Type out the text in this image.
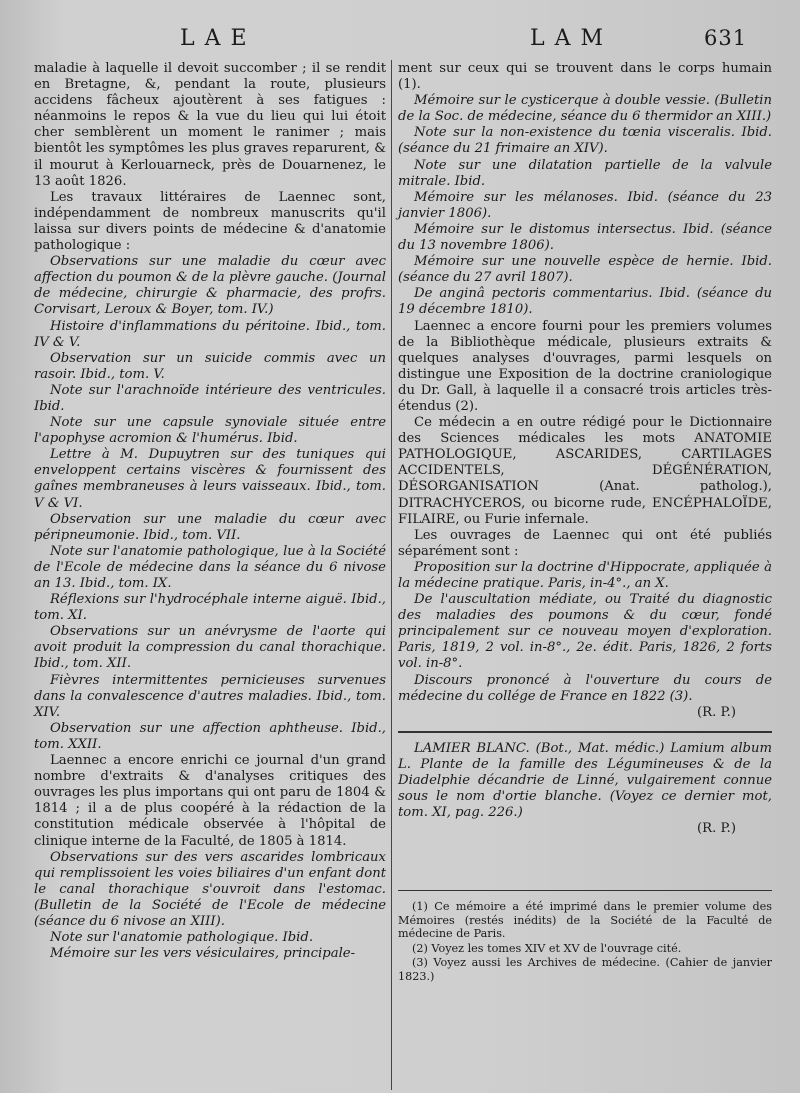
LAE	LAM	631

maladie à laquelle il devoit succomber ; il se rendit en Bretagne, &, pendant la route, plusieurs accidens fâcheux ajoutèrent à ses fatigues : néanmoins le repos & la vue du lieu qui lui étoit cher semblèrent un moment le ranimer ; mais bientôt les symptômes les plus graves reparurent, & il mourut à Kerlouarneck, près de Douarnenez, le 13 août 1826.

Les travaux littéraires de Laennec sont, indépendamment de nombreux manuscrits qu'il laissa sur divers points de médecine & d'anatomie pathologique :

Observations sur une maladie du cœur avec affection du poumon & de la plèvre gauche. (Journal de médecine, chirurgie & pharmacie, des profrs. Corvisart, Leroux & Boyer, tom. IV.)

Histoire d'inflammations du péritoine. Ibid., tom. IV & V.

Observation sur un suicide commis avec un rasoir. Ibid., tom. V.

Note sur l'arachnoïde intérieure des ventricules. Ibid.

Note sur une capsule synoviale située entre l'apophyse acromion & l'humérus. Ibid.

Lettre à M. Dupuytren sur des tuniques qui enveloppent certains viscères & fournissent des gaînes membraneuses à leurs vaisseaux. Ibid., tom. V & VI.

Observation sur une maladie du cœur avec péripneumonie. Ibid., tom. VII.

Note sur l'anatomie pathologique, lue à la Société de l'Ecole de médecine dans la séance du 6 nivose an 13. Ibid., tom. IX.

Réflexions sur l'hydrocéphale interne aiguë. Ibid., tom. XI.

Observations sur un anévrysme de l'aorte qui avoit produit la compression du canal thorachique. Ibid., tom. XII.

Fièvres intermittentes pernicieuses survenues dans la convalescence d'autres maladies. Ibid., tom. XIV.

Observation sur une affection aphtheuse. Ibid., tom. XXII.

Laennec a encore enrichi ce journal d'un grand nombre d'extraits & d'analyses critiques des ouvrages les plus importans qui ont paru de 1804 & 1814 ; il a de plus coopéré à la rédaction de la constitution médicale observée à l'hôpital de clinique interne de la Faculté, de 1805 à 1814.

Observations sur des vers ascarides lombricaux qui remplissoient les voies biliaires d'un enfant dont le canal thorachique s'ouvroit dans l'estomac. (Bulletin de la Société de l'Ecole de médecine (séance du 6 nivose an XIII).

Note sur l'anatomie pathologique. Ibid.

Mémoire sur les vers vésiculaires, principale-

ment sur ceux qui se trouvent dans le corps humain (1).

Mémoire sur le cysticerque à double vessie. (Bulletin de la Soc. de médecine, séance du 6 thermidor an XIII.)

Note sur la non-existence du tœnia visceralis. Ibid. (séance du 21 frimaire an XIV).

Note sur une dilatation partielle de la valvule mitrale. Ibid.

Mémoire sur les mélanoses. Ibid. (séance du 23 janvier 1806).

Mémoire sur le distomus intersectus. Ibid. (séance du 13 novembre 1806).

Mémoire sur une nouvelle espèce de hernie. Ibid. (séance du 27 avril 1807).

De anginâ pectoris commentarius. Ibid. (séance du 19 décembre 1810).

Laennec a encore fourni pour les premiers volumes de la Bibliothèque médicale, plusieurs extraits & quelques analyses d'ouvrages, parmi lesquels on distingue une Exposition de la doctrine craniologique du Dr. Gall, à laquelle il a consacré trois articles très-étendus (2).

Ce médecin a en outre rédigé pour le Dictionnaire des Sciences médicales les mots ANATOMIE PATHOLOGIQUE, ASCARIDES, CARTILAGES ACCIDENTELS, DÉGÉNÉRATION, DÉSORGANISATION (Anat. patholog.), DITRACHYCEROS, ou bicorne rude, ENCÉPHALOÏDE, FILAIRE, ou Furie infernale.

Les ouvrages de Laennec qui ont été publiés séparément sont :

Proposition sur la doctrine d'Hippocrate, appliquée à la médecine pratique. Paris, in-4°., an X.

De l'auscultation médiate, ou Traité du diagnostic des maladies des poumons & du cœur, fondé principalement sur ce nouveau moyen d'exploration. Paris, 1819, 2 vol. in-8°., 2e. édit. Paris, 1826, 2 forts vol. in-8°.

Discours prononcé à l'ouverture du cours de médecine du collége de France en 1822 (3).

(R. P.)

LAMIER BLANC. (Bot., Mat. médic.) Lamium album L. Plante de la famille des Légumineuses & de la Diadelphie décandrie de Linné, vulgairement connue sous le nom d'ortie blanche. (Voyez ce dernier mot, tom. XI, pag. 226.)

(R. P.)

(1) Ce mémoire a été imprimé dans le premier volume des Mémoires (restés inédits) de la Société de la Faculté de médecine de Paris.

(2) Voyez les tomes XIV et XV de l'ouvrage cité.

(3) Voyez aussi les Archives de médecine. (Cahier de janvier 1823.)
